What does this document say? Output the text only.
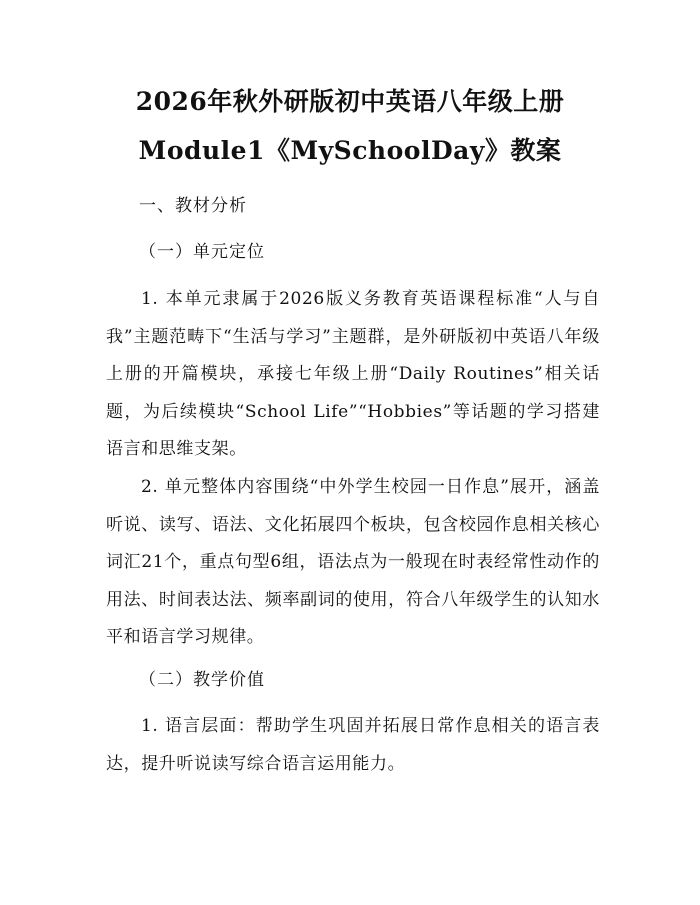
2026年秋外研版初中英语八年级上册
Module1《MySchoolDay》教案
一、教材分析
（一）单元定位
1. 本单元隶属于2026版义务教育英语课程标准“人与自我”主题范畴下“生活与学习”主题群，是外研版初中英语八年级上册的开篇模块，承接七年级上册“Daily Routines”相关话题，为后续模块“School Life”“Hobbies”等话题的学习搭建语言和思维支架。
2. 单元整体内容围绕“中外学生校园一日作息”展开，涵盖听说、读写、语法、文化拓展四个板块，包含校园作息相关核心词汇21个，重点句型6组，语法点为一般现在时表经常性动作的用法、时间表达法、频率副词的使用，符合八年级学生的认知水平和语言学习规律。
（二）教学价值
1. 语言层面：帮助学生巩固并拓展日常作息相关的语言表达，提升听说读写综合语言运用能力。
